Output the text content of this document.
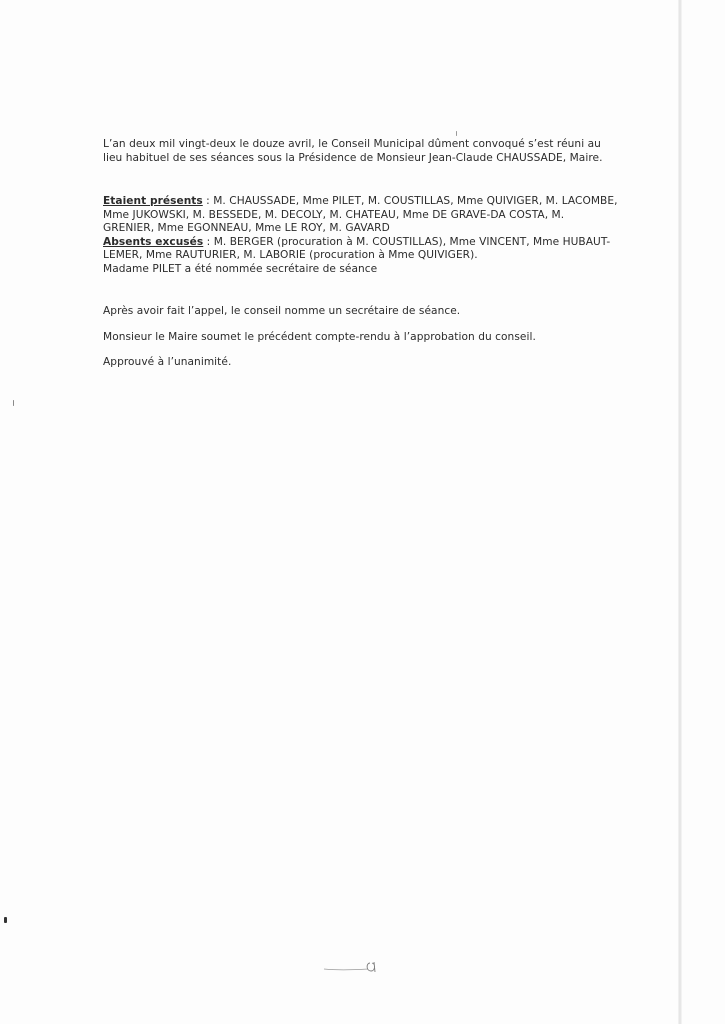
L’an deux mil vingt-deux le douze avril, le Conseil Municipal dûment convoqué s’est réuni au
lieu habituel de ses séances sous la Présidence de Monsieur Jean-Claude CHAUSSADE, Maire.
Etaient présents : M. CHAUSSADE, Mme PILET, M. COUSTILLAS, Mme QUIVIGER, M. LACOMBE,
Mme JUKOWSKI, M. BESSEDE, M. DECOLY, M. CHATEAU, Mme DE GRAVE-DA COSTA, M.
GRENIER, Mme EGONNEAU, Mme LE ROY, M. GAVARD
Absents excusés : M. BERGER (procuration à M. COUSTILLAS), Mme VINCENT, Mme HUBAUT-
LEMER, Mme RAUTURIER, M. LABORIE (procuration à Mme QUIVIGER).
Madame PILET a été nommée secrétaire de séance
Après avoir fait l’appel, le conseil nomme un secrétaire de séance.
Monsieur le Maire soumet le précédent compte-rendu à l’approbation du conseil.
Approuvé à l’unanimité.
